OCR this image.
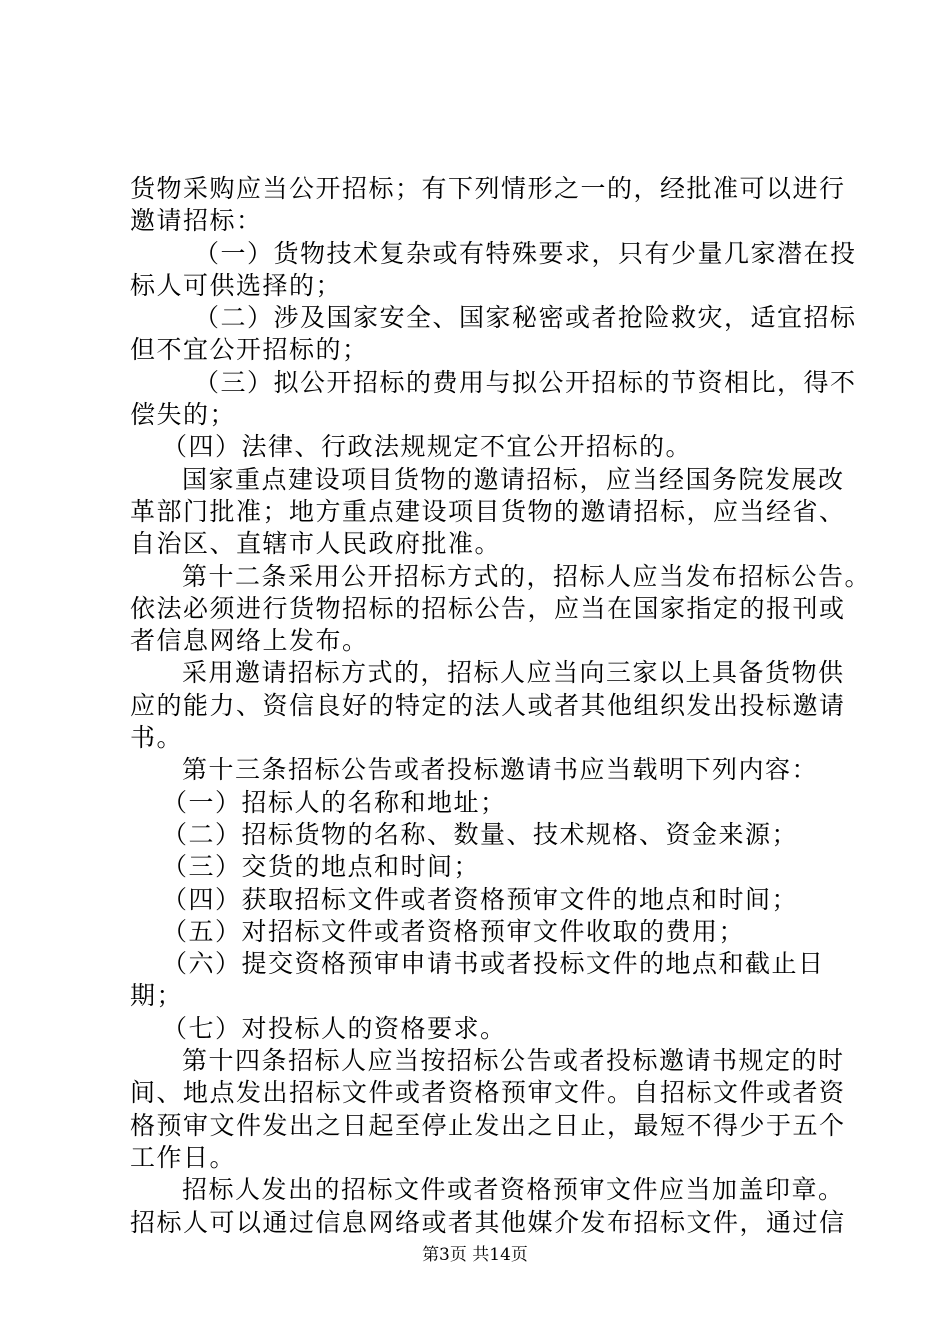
货物采购应当公开招标；有下列情形之一的，经批准可以进行
邀请招标：
（一）货物技术复杂或有特殊要求，只有少量几家潜在投
标人可供选择的；
（二）涉及国家安全、国家秘密或者抢险救灾，适宜招标
但不宜公开招标的；
（三）拟公开招标的费用与拟公开招标的节资相比，得不
偿失的；
（四）法律、行政法规规定不宜公开招标的。
国家重点建设项目货物的邀请招标，应当经国务院发展改
革部门批准；地方重点建设项目货物的邀请招标，应当经省、
自治区、直辖市人民政府批准。
第十二条采用公开招标方式的，招标人应当发布招标公告。
依法必须进行货物招标的招标公告，应当在国家指定的报刊或
者信息网络上发布。
采用邀请招标方式的，招标人应当向三家以上具备货物供
应的能力、资信良好的特定的法人或者其他组织发出投标邀请
书。
第十三条招标公告或者投标邀请书应当载明下列内容：
（一）招标人的名称和地址；
（二）招标货物的名称、数量、技术规格、资金来源；
（三）交货的地点和时间；
（四）获取招标文件或者资格预审文件的地点和时间；
（五）对招标文件或者资格预审文件收取的费用；
（六）提交资格预审申请书或者投标文件的地点和截止日
期；
（七）对投标人的资格要求。
第十四条招标人应当按招标公告或者投标邀请书规定的时
间、地点发出招标文件或者资格预审文件。自招标文件或者资
格预审文件发出之日起至停止发出之日止，最短不得少于五个
工作日。
招标人发出的招标文件或者资格预审文件应当加盖印章。
招标人可以通过信息网络或者其他媒介发布招标文件，通过信
第3页 共14页
